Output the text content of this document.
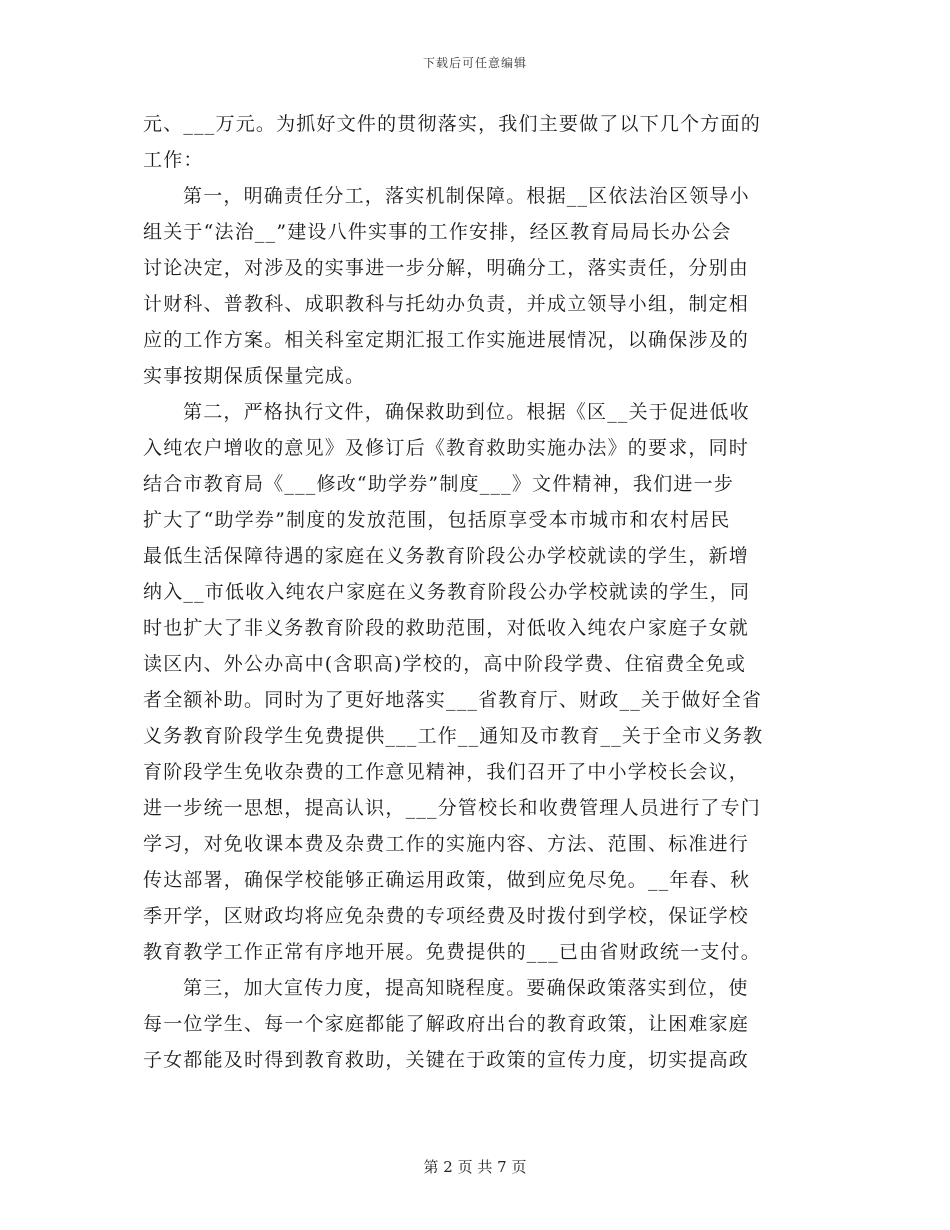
下载后可任意编辑
元、___万元。为抓好文件的贯彻落实，我们主要做了以下几个方面的
工作：
第一，明确责任分工，落实机制保障。根据__区依法治区领导小
组关于“法治__”建设八件实事的工作安排，经区教育局局长办公会
讨论决定，对涉及的实事进一步分解，明确分工，落实责任，分别由
计财科、普教科、成职教科与托幼办负责，并成立领导小组，制定相
应的工作方案。相关科室定期汇报工作实施进展情况，以确保涉及的
实事按期保质保量完成。
第二，严格执行文件，确保救助到位。根据《区__关于促进低收
入纯农户增收的意见》及修订后《教育救助实施办法》的要求，同时
结合市教育局《___修改“助学券”制度___》文件精神，我们进一步
扩大了“助学券”制度的发放范围，包括原享受本市城市和农村居民
最低生活保障待遇的家庭在义务教育阶段公办学校就读的学生，新增
纳入__市低收入纯农户家庭在义务教育阶段公办学校就读的学生，同
时也扩大了非义务教育阶段的救助范围，对低收入纯农户家庭子女就
读区内、外公办高中(含职高)学校的，高中阶段学费、住宿费全免或
者全额补助。同时为了更好地落实___省教育厅、财政__关于做好全省
义务教育阶段学生免费提供___工作__通知及市教育__关于全市义务教
育阶段学生免收杂费的工作意见精神，我们召开了中小学校长会议，
进一步统一思想，提高认识，___分管校长和收费管理人员进行了专门
学习，对免收课本费及杂费工作的实施内容、方法、范围、标准进行
传达部署，确保学校能够正确运用政策，做到应免尽免。__年春、秋
季开学，区财政均将应免杂费的专项经费及时拨付到学校，保证学校
教育教学工作正常有序地开展。免费提供的___已由省财政统一支付。
第三，加大宣传力度，提高知晓程度。要确保政策落实到位，使
每一位学生、每一个家庭都能了解政府出台的教育政策，让困难家庭
子女都能及时得到教育救助，关键在于政策的宣传力度，切实提高政
第 2 页 共 7 页
